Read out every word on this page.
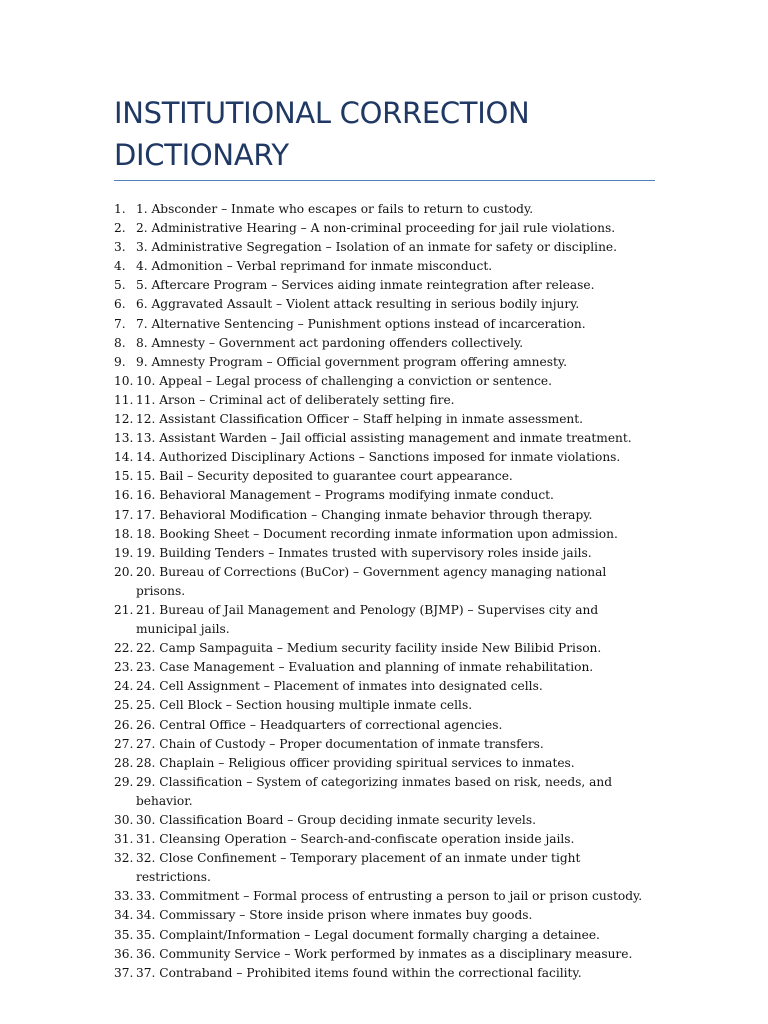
INSTITUTIONAL CORRECTION DICTIONARY
1. 1. Absconder – Inmate who escapes or fails to return to custody.
2. 2. Administrative Hearing – A non-criminal proceeding for jail rule violations.
3. 3. Administrative Segregation – Isolation of an inmate for safety or discipline.
4. 4. Admonition – Verbal reprimand for inmate misconduct.
5. 5. Aftercare Program – Services aiding inmate reintegration after release.
6. 6. Aggravated Assault – Violent attack resulting in serious bodily injury.
7. 7. Alternative Sentencing – Punishment options instead of incarceration.
8. 8. Amnesty – Government act pardoning offenders collectively.
9. 9. Amnesty Program – Official government program offering amnesty.
10. 10. Appeal – Legal process of challenging a conviction or sentence.
11. 11. Arson – Criminal act of deliberately setting fire.
12. 12. Assistant Classification Officer – Staff helping in inmate assessment.
13. 13. Assistant Warden – Jail official assisting management and inmate treatment.
14. 14. Authorized Disciplinary Actions – Sanctions imposed for inmate violations.
15. 15. Bail – Security deposited to guarantee court appearance.
16. 16. Behavioral Management – Programs modifying inmate conduct.
17. 17. Behavioral Modification – Changing inmate behavior through therapy.
18. 18. Booking Sheet – Document recording inmate information upon admission.
19. 19. Building Tenders – Inmates trusted with supervisory roles inside jails.
20. 20. Bureau of Corrections (BuCor) – Government agency managing national prisons.
21. 21. Bureau of Jail Management and Penology (BJMP) – Supervises city and municipal jails.
22. 22. Camp Sampaguita – Medium security facility inside New Bilibid Prison.
23. 23. Case Management – Evaluation and planning of inmate rehabilitation.
24. 24. Cell Assignment – Placement of inmates into designated cells.
25. 25. Cell Block – Section housing multiple inmate cells.
26. 26. Central Office – Headquarters of correctional agencies.
27. 27. Chain of Custody – Proper documentation of inmate transfers.
28. 28. Chaplain – Religious officer providing spiritual services to inmates.
29. 29. Classification – System of categorizing inmates based on risk, needs, and behavior.
30. 30. Classification Board – Group deciding inmate security levels.
31. 31. Cleansing Operation – Search-and-confiscate operation inside jails.
32. 32. Close Confinement – Temporary placement of an inmate under tight restrictions.
33. 33. Commitment – Formal process of entrusting a person to jail or prison custody.
34. 34. Commissary – Store inside prison where inmates buy goods.
35. 35. Complaint/Information – Legal document formally charging a detainee.
36. 36. Community Service – Work performed by inmates as a disciplinary measure.
37. 37. Contraband – Prohibited items found within the correctional facility.
